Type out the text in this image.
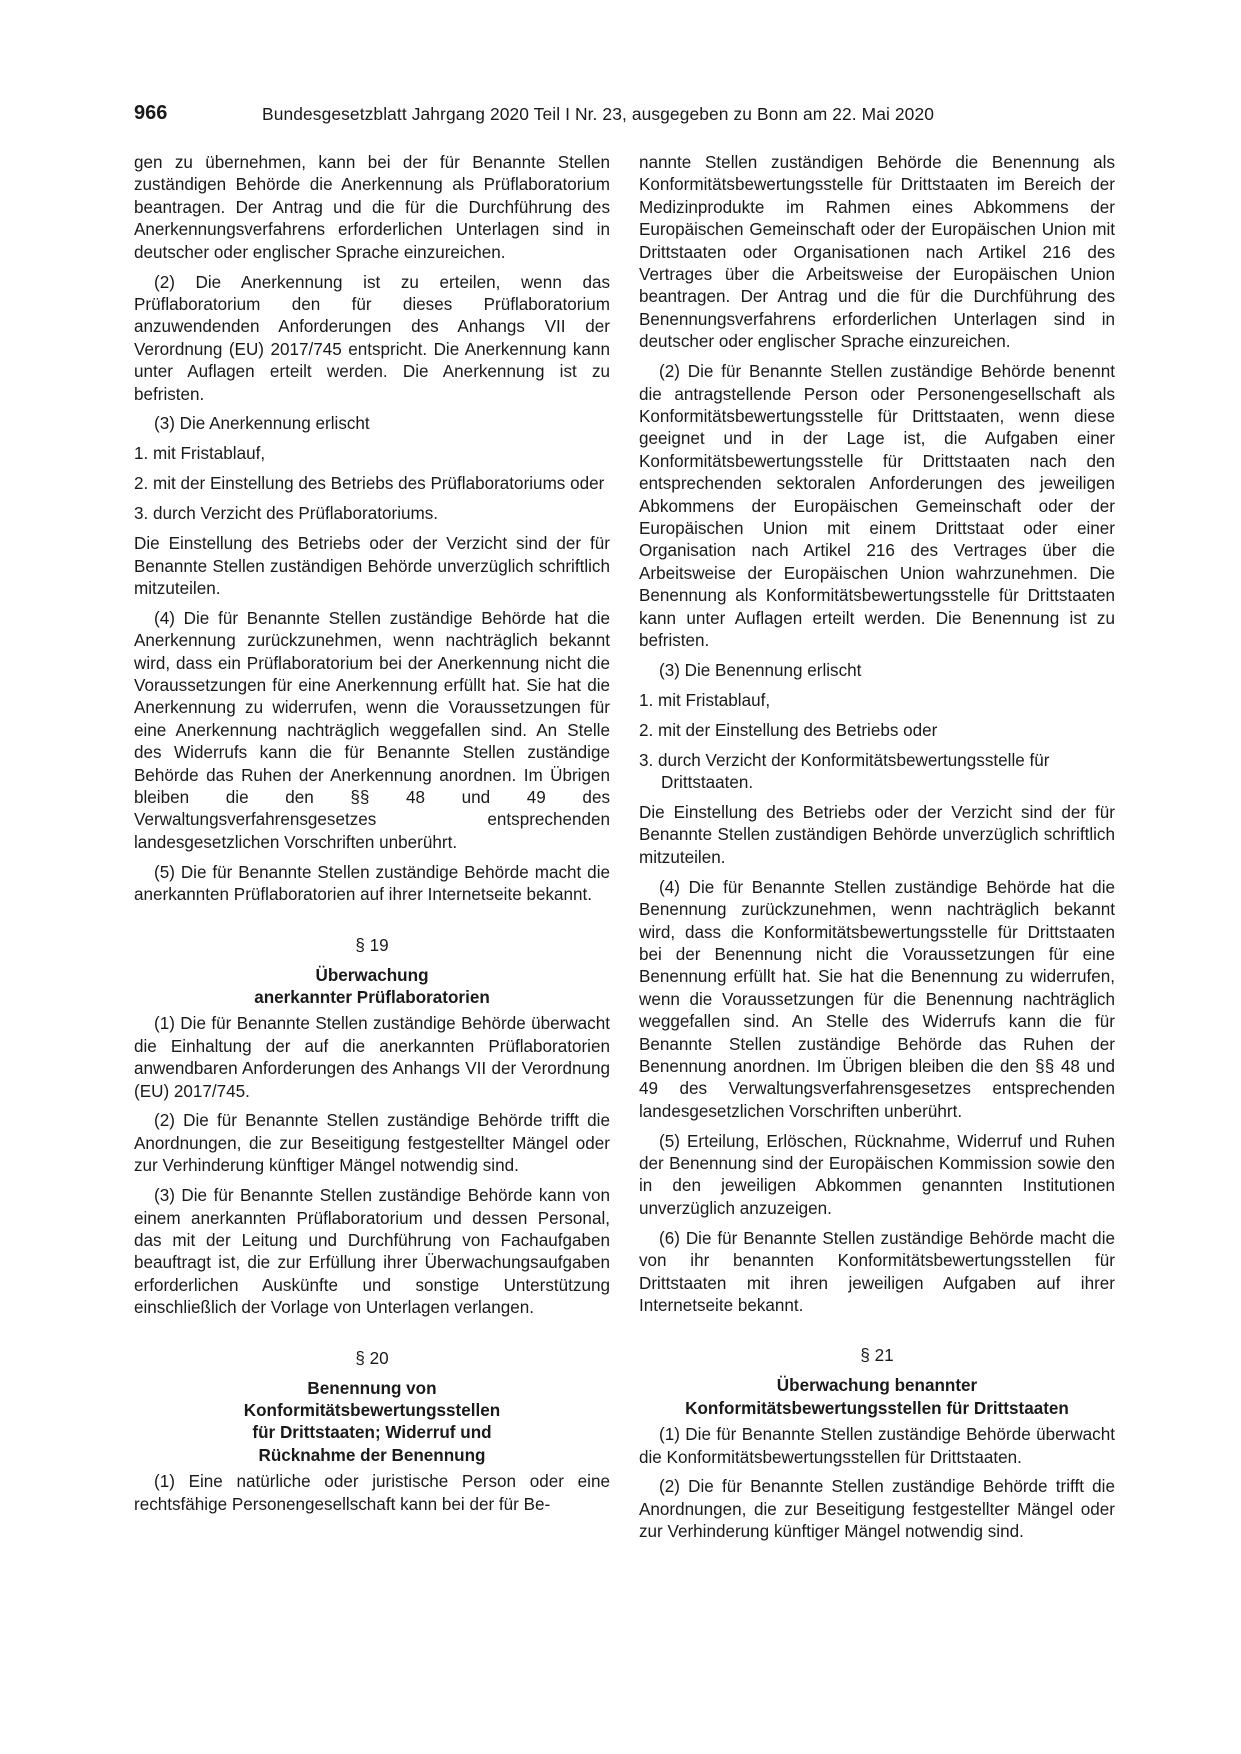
966	Bundesgesetzblatt Jahrgang 2020 Teil I Nr. 23, ausgegeben zu Bonn am 22. Mai 2020

gen zu übernehmen, kann bei der für Benannte Stellen zuständigen Behörde die Anerkennung als Prüflaboratorium beantragen. Der Antrag und die für die Durchführung des Anerkennungsverfahrens erforderlichen Unterlagen sind in deutscher oder englischer Sprache einzureichen.

(2) Die Anerkennung ist zu erteilen, wenn das Prüflaboratorium den für dieses Prüflaboratorium anzuwendenden Anforderungen des Anhangs VII der Verordnung (EU) 2017/745 entspricht. Die Anerkennung kann unter Auflagen erteilt werden. Die Anerkennung ist zu befristen.

(3) Die Anerkennung erlischt

1. mit Fristablauf,

2. mit der Einstellung des Betriebs des Prüflaboratoriums oder

3. durch Verzicht des Prüflaboratoriums.

Die Einstellung des Betriebs oder der Verzicht sind der für Benannte Stellen zuständigen Behörde unverzüglich schriftlich mitzuteilen.

(4) Die für Benannte Stellen zuständige Behörde hat die Anerkennung zurückzunehmen, wenn nachträglich bekannt wird, dass ein Prüflaboratorium bei der Anerkennung nicht die Voraussetzungen für eine Anerkennung erfüllt hat. Sie hat die Anerkennung zu widerrufen, wenn die Voraussetzungen für eine Anerkennung nachträglich weggefallen sind. An Stelle des Widerrufs kann die für Benannte Stellen zuständige Behörde das Ruhen der Anerkennung anordnen. Im Übrigen bleiben die den §§ 48 und 49 des Verwaltungsverfahrensgesetzes entsprechenden landesgesetzlichen Vorschriften unberührt.

(5) Die für Benannte Stellen zuständige Behörde macht die anerkannten Prüflaboratorien auf ihrer Internetseite bekannt.

§ 19
Überwachung
anerkannter Prüflaboratorien

(1) Die für Benannte Stellen zuständige Behörde überwacht die Einhaltung der auf die anerkannten Prüflaboratorien anwendbaren Anforderungen des Anhangs VII der Verordnung (EU) 2017/745.

(2) Die für Benannte Stellen zuständige Behörde trifft die Anordnungen, die zur Beseitigung festgestellter Mängel oder zur Verhinderung künftiger Mängel notwendig sind.

(3) Die für Benannte Stellen zuständige Behörde kann von einem anerkannten Prüflaboratorium und dessen Personal, das mit der Leitung und Durchführung von Fachaufgaben beauftragt ist, die zur Erfüllung ihrer Überwachungsaufgaben erforderlichen Auskünfte und sonstige Unterstützung einschließlich der Vorlage von Unterlagen verlangen.

§ 20
Benennung von
Konformitätsbewertungsstellen
für Drittstaaten; Widerruf und
Rücknahme der Benennung

(1) Eine natürliche oder juristische Person oder eine rechtsfähige Personengesellschaft kann bei der für Be-

nannte Stellen zuständigen Behörde die Benennung als Konformitätsbewertungsstelle für Drittstaaten im Bereich der Medizinprodukte im Rahmen eines Abkommens der Europäischen Gemeinschaft oder der Europäischen Union mit Drittstaaten oder Organisationen nach Artikel 216 des Vertrages über die Arbeitsweise der Europäischen Union beantragen. Der Antrag und die für die Durchführung des Benennungsverfahrens erforderlichen Unterlagen sind in deutscher oder englischer Sprache einzureichen.

(2) Die für Benannte Stellen zuständige Behörde benennt die antragstellende Person oder Personengesellschaft als Konformitätsbewertungsstelle für Drittstaaten, wenn diese geeignet und in der Lage ist, die Aufgaben einer Konformitätsbewertungsstelle für Drittstaaten nach den entsprechenden sektoralen Anforderungen des jeweiligen Abkommens der Europäischen Gemeinschaft oder der Europäischen Union mit einem Drittstaat oder einer Organisation nach Artikel 216 des Vertrages über die Arbeitsweise der Europäischen Union wahrzunehmen. Die Benennung als Konformitätsbewertungsstelle für Drittstaaten kann unter Auflagen erteilt werden. Die Benennung ist zu befristen.

(3) Die Benennung erlischt

1. mit Fristablauf,

2. mit der Einstellung des Betriebs oder

3. durch Verzicht der Konformitätsbewertungsstelle für Drittstaaten.

Die Einstellung des Betriebs oder der Verzicht sind der für Benannte Stellen zuständigen Behörde unverzüglich schriftlich mitzuteilen.

(4) Die für Benannte Stellen zuständige Behörde hat die Benennung zurückzunehmen, wenn nachträglich bekannt wird, dass die Konformitätsbewertungsstelle für Drittstaaten bei der Benennung nicht die Voraussetzungen für eine Benennung erfüllt hat. Sie hat die Benennung zu widerrufen, wenn die Voraussetzungen für die Benennung nachträglich weggefallen sind. An Stelle des Widerrufs kann die für Benannte Stellen zuständige Behörde das Ruhen der Benennung anordnen. Im Übrigen bleiben die den §§ 48 und 49 des Verwaltungsverfahrensgesetzes entsprechenden landesgesetzlichen Vorschriften unberührt.

(5) Erteilung, Erlöschen, Rücknahme, Widerruf und Ruhen der Benennung sind der Europäischen Kommission sowie den in den jeweiligen Abkommen genannten Institutionen unverzüglich anzuzeigen.

(6) Die für Benannte Stellen zuständige Behörde macht die von ihr benannten Konformitätsbewertungsstellen für Drittstaaten mit ihren jeweiligen Aufgaben auf ihrer Internetseite bekannt.

§ 21
Überwachung benannter
Konformitätsbewertungsstellen für Drittstaaten

(1) Die für Benannte Stellen zuständige Behörde überwacht die Konformitätsbewertungsstellen für Drittstaaten.

(2) Die für Benannte Stellen zuständige Behörde trifft die Anordnungen, die zur Beseitigung festgestellter Mängel oder zur Verhinderung künftiger Mängel notwendig sind.
